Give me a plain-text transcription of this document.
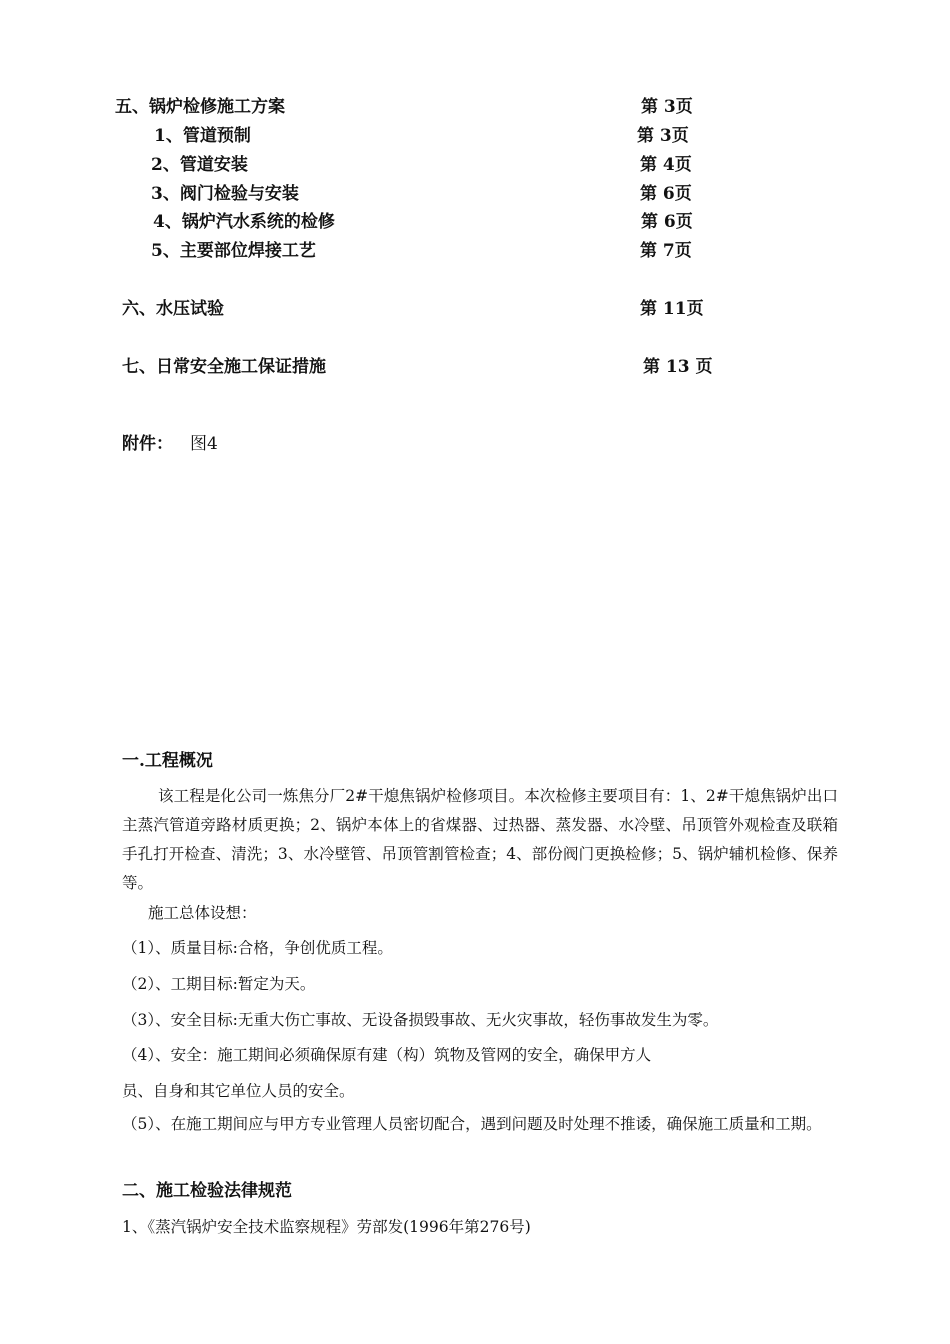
五、锅炉检修施工方案	第 3页
1、管道预制	第 3页
2、管道安装	第 4页
3、阀门检验与安装	第 6页
4、锅炉汽水系统的检修	第 6页
5、主要部位焊接工艺	第 7页
六、水压试验	第 11页
七、日常安全施工保证措施	第 13 页
附件： 图4
一.工程概况
该工程是化公司一炼焦分厂2#干熄焦锅炉检修项目。本次检修主要项目有：1、2#干熄焦锅炉出口主蒸汽管道旁路材质更换；2、锅炉本体上的省煤器、过热器、蒸发器、水冷壁、吊顶管外观检查及联箱手孔打开检查、清洗；3、水冷壁管、吊顶管割管检查；4、部份阀门更换检修；5、锅炉辅机检修、保养等。
施工总体设想：
（1）、质量目标:合格，争创优质工程。
（2）、工期目标:暂定为天。
（3）、安全目标:无重大伤亡事故、无设备损毁事故、无火灾事故，轻伤事故发生为零。
（4）、安全：施工期间必须确保原有建（构）筑物及管网的安全，确保甲方人
员、自身和其它单位人员的安全。
（5）、在施工期间应与甲方专业管理人员密切配合，遇到问题及时处理不推诿，确保施工质量和工期。
二、施工检验法律规范
1、《蒸汽锅炉安全技术监察规程》劳部发(1996年第276号)
